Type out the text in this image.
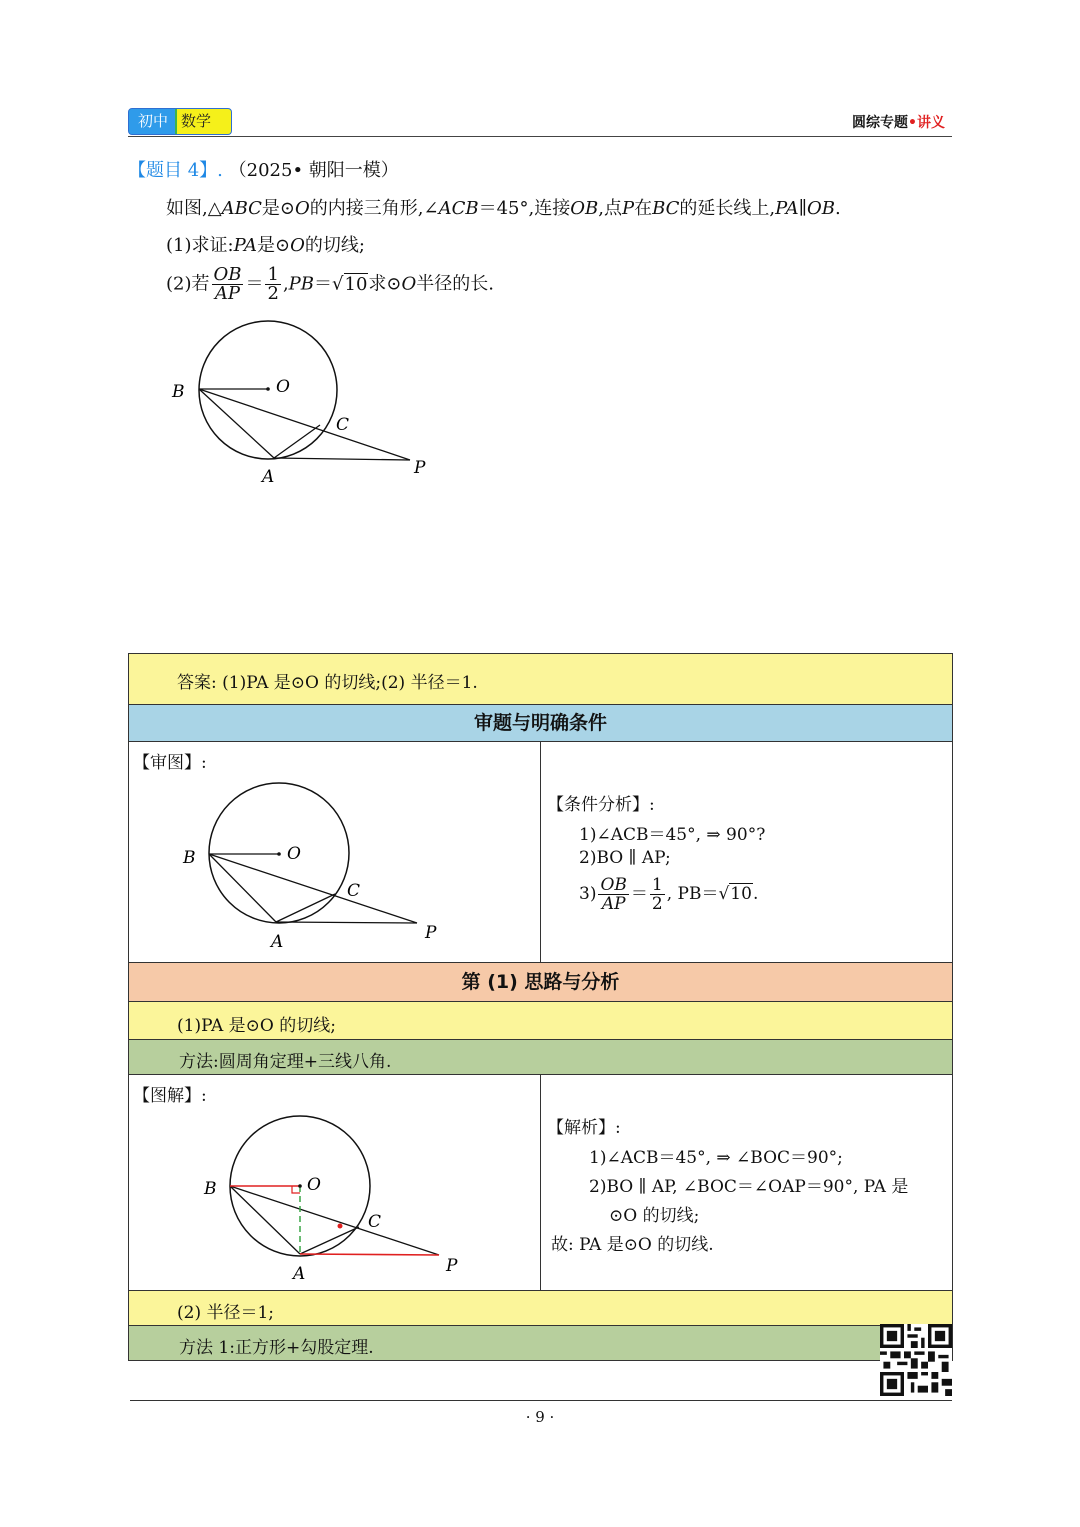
初中 数学	圆综专题•讲义
【题目 4】. （2025• 朝阳一模）
如图,△ABC是⊙O的内接三角形,∠ACB＝45°,连接OB,点P在BC的延长线上,PA∥OB.
(1)求证:PA是⊙O的切线;
(2)若 $\frac{OB}{AP} = \frac{1}{2} ,PB=√10$求⊙O半径的长.
B	O
C
A	P
答案: (1)PA 是⊙O 的切线;(2) 半径＝1.
审题与明确条件
【审图】:
B	O
C
A	P
【条件分析】:
1)∠ACB＝45°, ⇒ 90°?
2)BO ∥ AP;
$3) \frac{OB}{AP} = \frac{1}{2}$ , PB＝√10.
第 (1) 思路与分析
(1)PA 是⊙O 的切线;
方法:圆周角定理+三线八角.
【图解】:
B	O
C
A	P
【解析】:
1)∠ACB＝45°, ⇒ ∠BOC＝90°;
2)BO ∥ AP, ∠BOC＝∠OAP＝90°, PA 是
⊙O 的切线;
故: PA 是⊙O 的切线.
(2) 半径＝1;
方法 1:正方形+勾股定理.
· 9 ·
